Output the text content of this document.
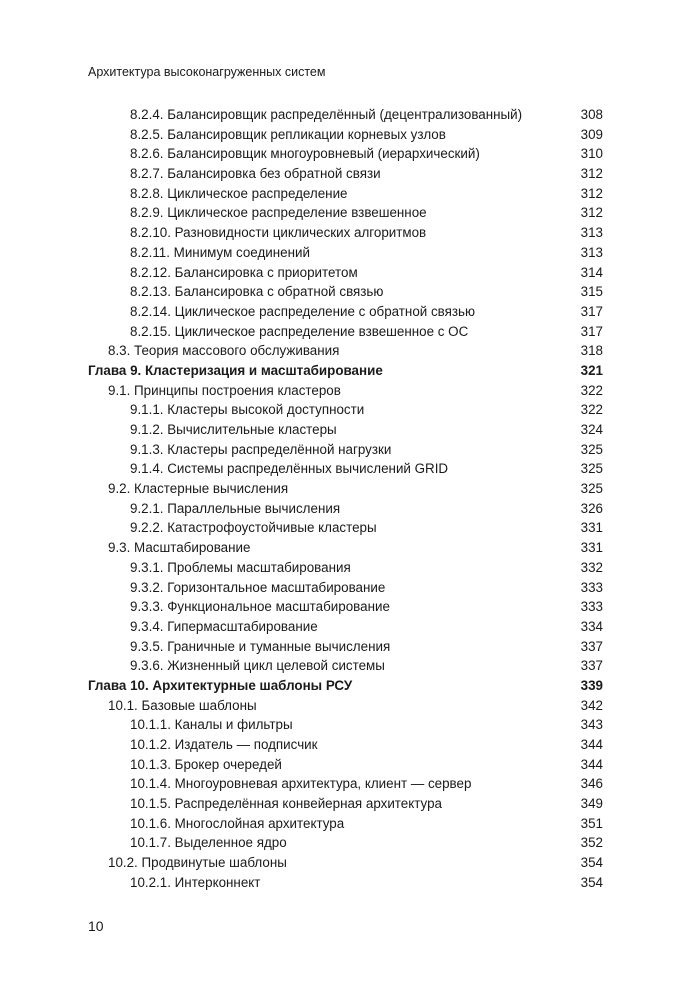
Архитектура высоконагруженных систем
8.2.4. Балансировщик распределённый (децентрализованный)	308
8.2.5. Балансировщик репликации корневых узлов	309
8.2.6. Балансировщик многоуровневый (иерархический)	310
8.2.7. Балансировка без обратной связи	312
8.2.8. Циклическое распределение	312
8.2.9. Циклическое распределение взвешенное	312
8.2.10. Разновидности циклических алгоритмов	313
8.2.11. Минимум соединений	313
8.2.12. Балансировка с приоритетом	314
8.2.13. Балансировка с обратной связью	315
8.2.14. Циклическое распределение с обратной связью	317
8.2.15. Циклическое распределение взвешенное с ОС	317
8.3. Теория массового обслуживания	318
Глава 9. Кластеризация и масштабирование	321
9.1. Принципы построения кластеров	322
9.1.1. Кластеры высокой доступности	322
9.1.2. Вычислительные кластеры	324
9.1.3. Кластеры распределённой нагрузки	325
9.1.4. Системы распределённых вычислений GRID	325
9.2. Кластерные вычисления	325
9.2.1. Параллельные вычисления	326
9.2.2. Катастрофоустойчивые кластеры	331
9.3. Масштабирование	331
9.3.1. Проблемы масштабирования	332
9.3.2. Горизонтальное масштабирование	333
9.3.3. Функциональное масштабирование	333
9.3.4. Гипермасштабирование	334
9.3.5. Граничные и туманные вычисления	337
9.3.6. Жизненный цикл целевой системы	337
Глава 10. Архитектурные шаблоны РСУ	339
10.1. Базовые шаблоны	342
10.1.1. Каналы и фильтры	343
10.1.2. Издатель — подписчик	344
10.1.3. Брокер очередей	344
10.1.4. Многоуровневая архитектура, клиент — сервер	346
10.1.5. Распределённая конвейерная архитектура	349
10.1.6. Многослойная архитектура	351
10.1.7. Выделенное ядро	352
10.2. Продвинутые шаблоны	354
10.2.1. Интерконнект	354
10
